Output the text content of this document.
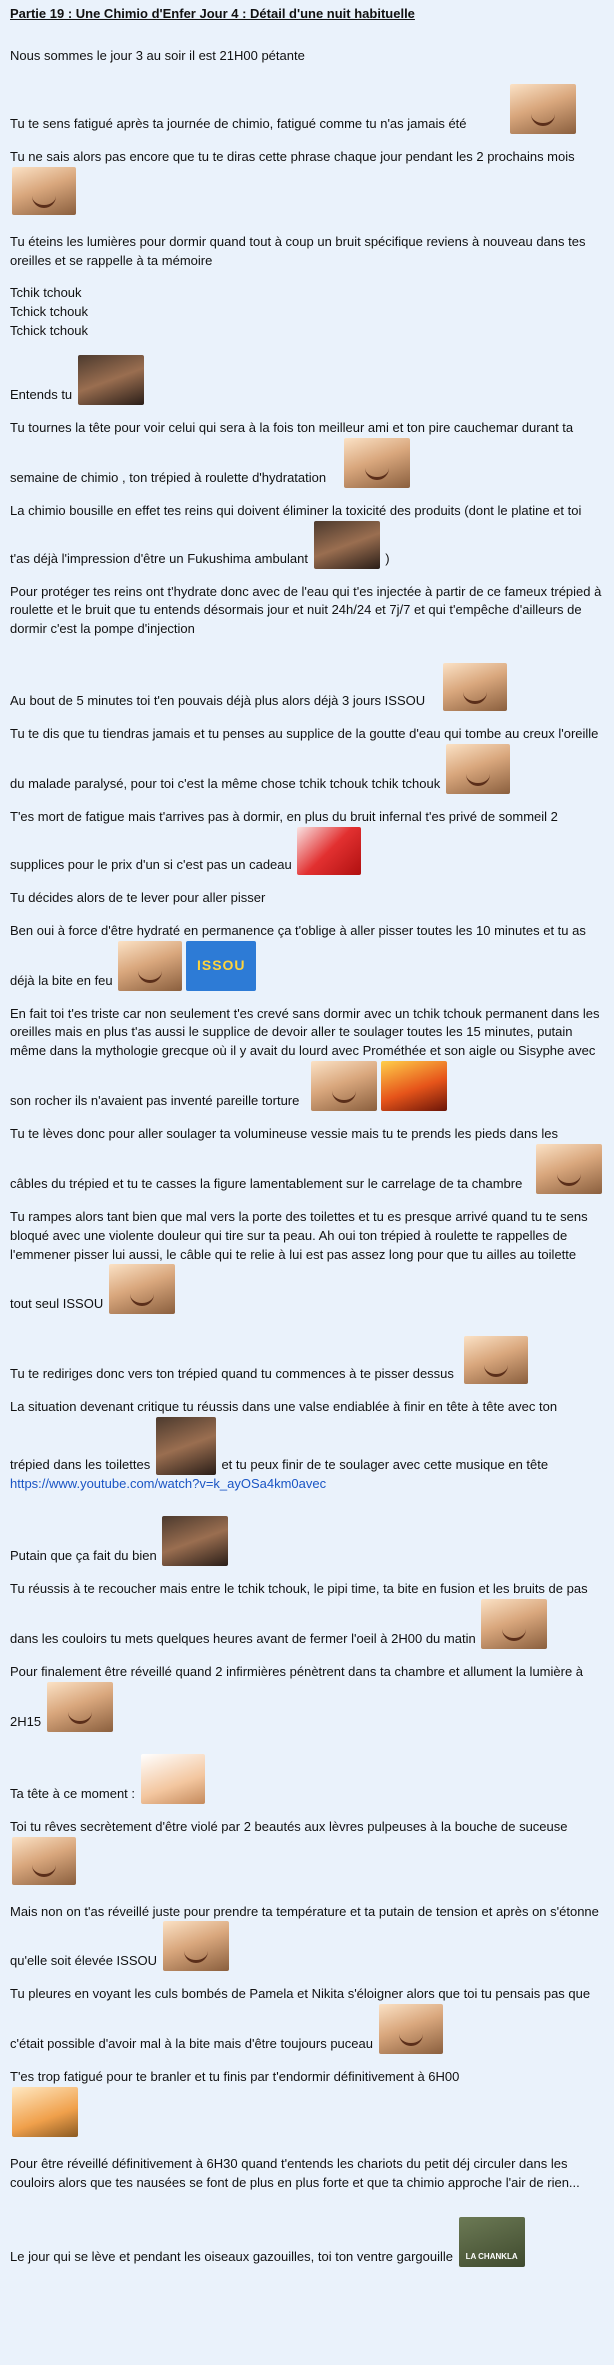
Partie 19 : Une Chimio d'Enfer Jour 4 : Détail d'une nuit habituelle

Nous sommes le jour 3 au soir il est 21H00 pétante

Tu te sens fatigué après ta journée de chimio, fatigué comme tu n'as jamais été

Tu ne sais alors pas encore que tu te diras cette phrase chaque jour pendant les 2 prochains mois

Tu éteins les lumières pour dormir quand tout à coup un bruit spécifique reviens à nouveau dans tes oreilles et se rappelle à ta mémoire

Tchik tchouk
Tchick tchouk
Tchick tchouk

Entends tu

Tu tournes la tête pour voir celui qui sera à la fois ton meilleur ami et ton pire cauchemar durant ta
semaine de chimio , ton trépied à roulette d'hydratation

La chimio bousille en effet tes reins qui doivent éliminer la toxicité des produits (dont le platine et toi
t'as déjà l'impression d'être un Fukushima ambulant	)

Pour protéger tes reins ont t'hydrate donc avec de l'eau qui t'es injectée à partir de ce fameux trépied à roulette et le bruit que tu entends désormais jour et nuit 24h/24 et 7j/7 et qui t'empêche d'ailleurs de dormir c'est la pompe d'injection

Au bout de 5 minutes toi t'en pouvais déjà plus alors déjà 3 jours ISSOU

Tu te dis que tu tiendras jamais et tu penses au supplice de la goutte d'eau qui tombe au creux l'oreille
du malade paralysé, pour toi c'est la même chose tchik tchouk tchik tchouk

T'es mort de fatigue mais t'arrives pas à dormir, en plus du bruit infernal t'es privé de sommeil 2
supplices pour le prix d'un si c'est pas un cadeau

Tu décides alors de te lever pour aller pisser

Ben oui à force d'être hydraté en permanence ça t'oblige à aller pisser toutes les 10 minutes et tu as
déjà la bite en feu
ISSOU

En fait toi t'es triste car non seulement t'es crevé sans dormir avec un tchik tchouk permanent dans les oreilles mais en plus t'as aussi le supplice de devoir aller te soulager toutes les 15 minutes, putain même dans la mythologie grecque où il y avait du lourd avec Prométhée et son aigle ou Sisyphe avec
son rocher ils n'avaient pas inventé pareille torture

Tu te lèves donc pour aller soulager ta volumineuse vessie mais tu te prends les pieds dans les
câbles du trépied et tu te casses la figure lamentablement sur le carrelage de ta chambre

Tu rampes alors tant bien que mal vers la porte des toilettes et tu es presque arrivé quand tu te sens bloqué avec une violente douleur qui tire sur ta peau. Ah oui ton trépied à roulette te rappelles de l'emmener pisser lui aussi, le câble qui te relie à lui est pas assez long pour que tu ailles au toilette
tout seul ISSOU

Tu te rediriges donc vers ton trépied quand tu commences à te pisser dessus

La situation devenant critique tu réussis dans une valse endiablée à finir en tête à tête avec ton
trépied dans les toilettes	et tu peux finir de te soulager avec cette musique en tête
https://www.youtube.com/watch?v=k_ayOSa4km0avec

Putain que ça fait du bien

Tu réussis à te recoucher mais entre le tchik tchouk, le pipi time, ta bite en fusion et les bruits de pas
dans les couloirs tu mets quelques heures avant de fermer l'oeil à 2H00 du matin

Pour finalement être réveillé quand 2 infirmières pénètrent dans ta chambre et allument la lumière à
2H15

Ta tête à ce moment :

Toi tu rêves secrètement d'être violé par 2 beautés aux lèvres pulpeuses à la bouche de suceuse

Mais non on t'as réveillé juste pour prendre ta température et ta putain de tension et après on s'étonne
qu'elle soit élevée ISSOU

Tu pleures en voyant les culs bombés de Pamela et Nikita s'éloigner alors que toi tu pensais pas que
c'était possible d'avoir mal à la bite mais d'être toujours puceau

T'es trop fatigué pour te branler et tu finis par t'endormir définitivement à 6H00

Pour être réveillé définitivement à 6H30 quand t'entends les chariots du petit déj circuler dans les couloirs alors que tes nausées se font de plus en plus forte et que ta chimio approche l'air de rien...

Le jour qui se lève et pendant les oiseaux gazouilles, toi ton ventre gargouille	LA CHANKLA
